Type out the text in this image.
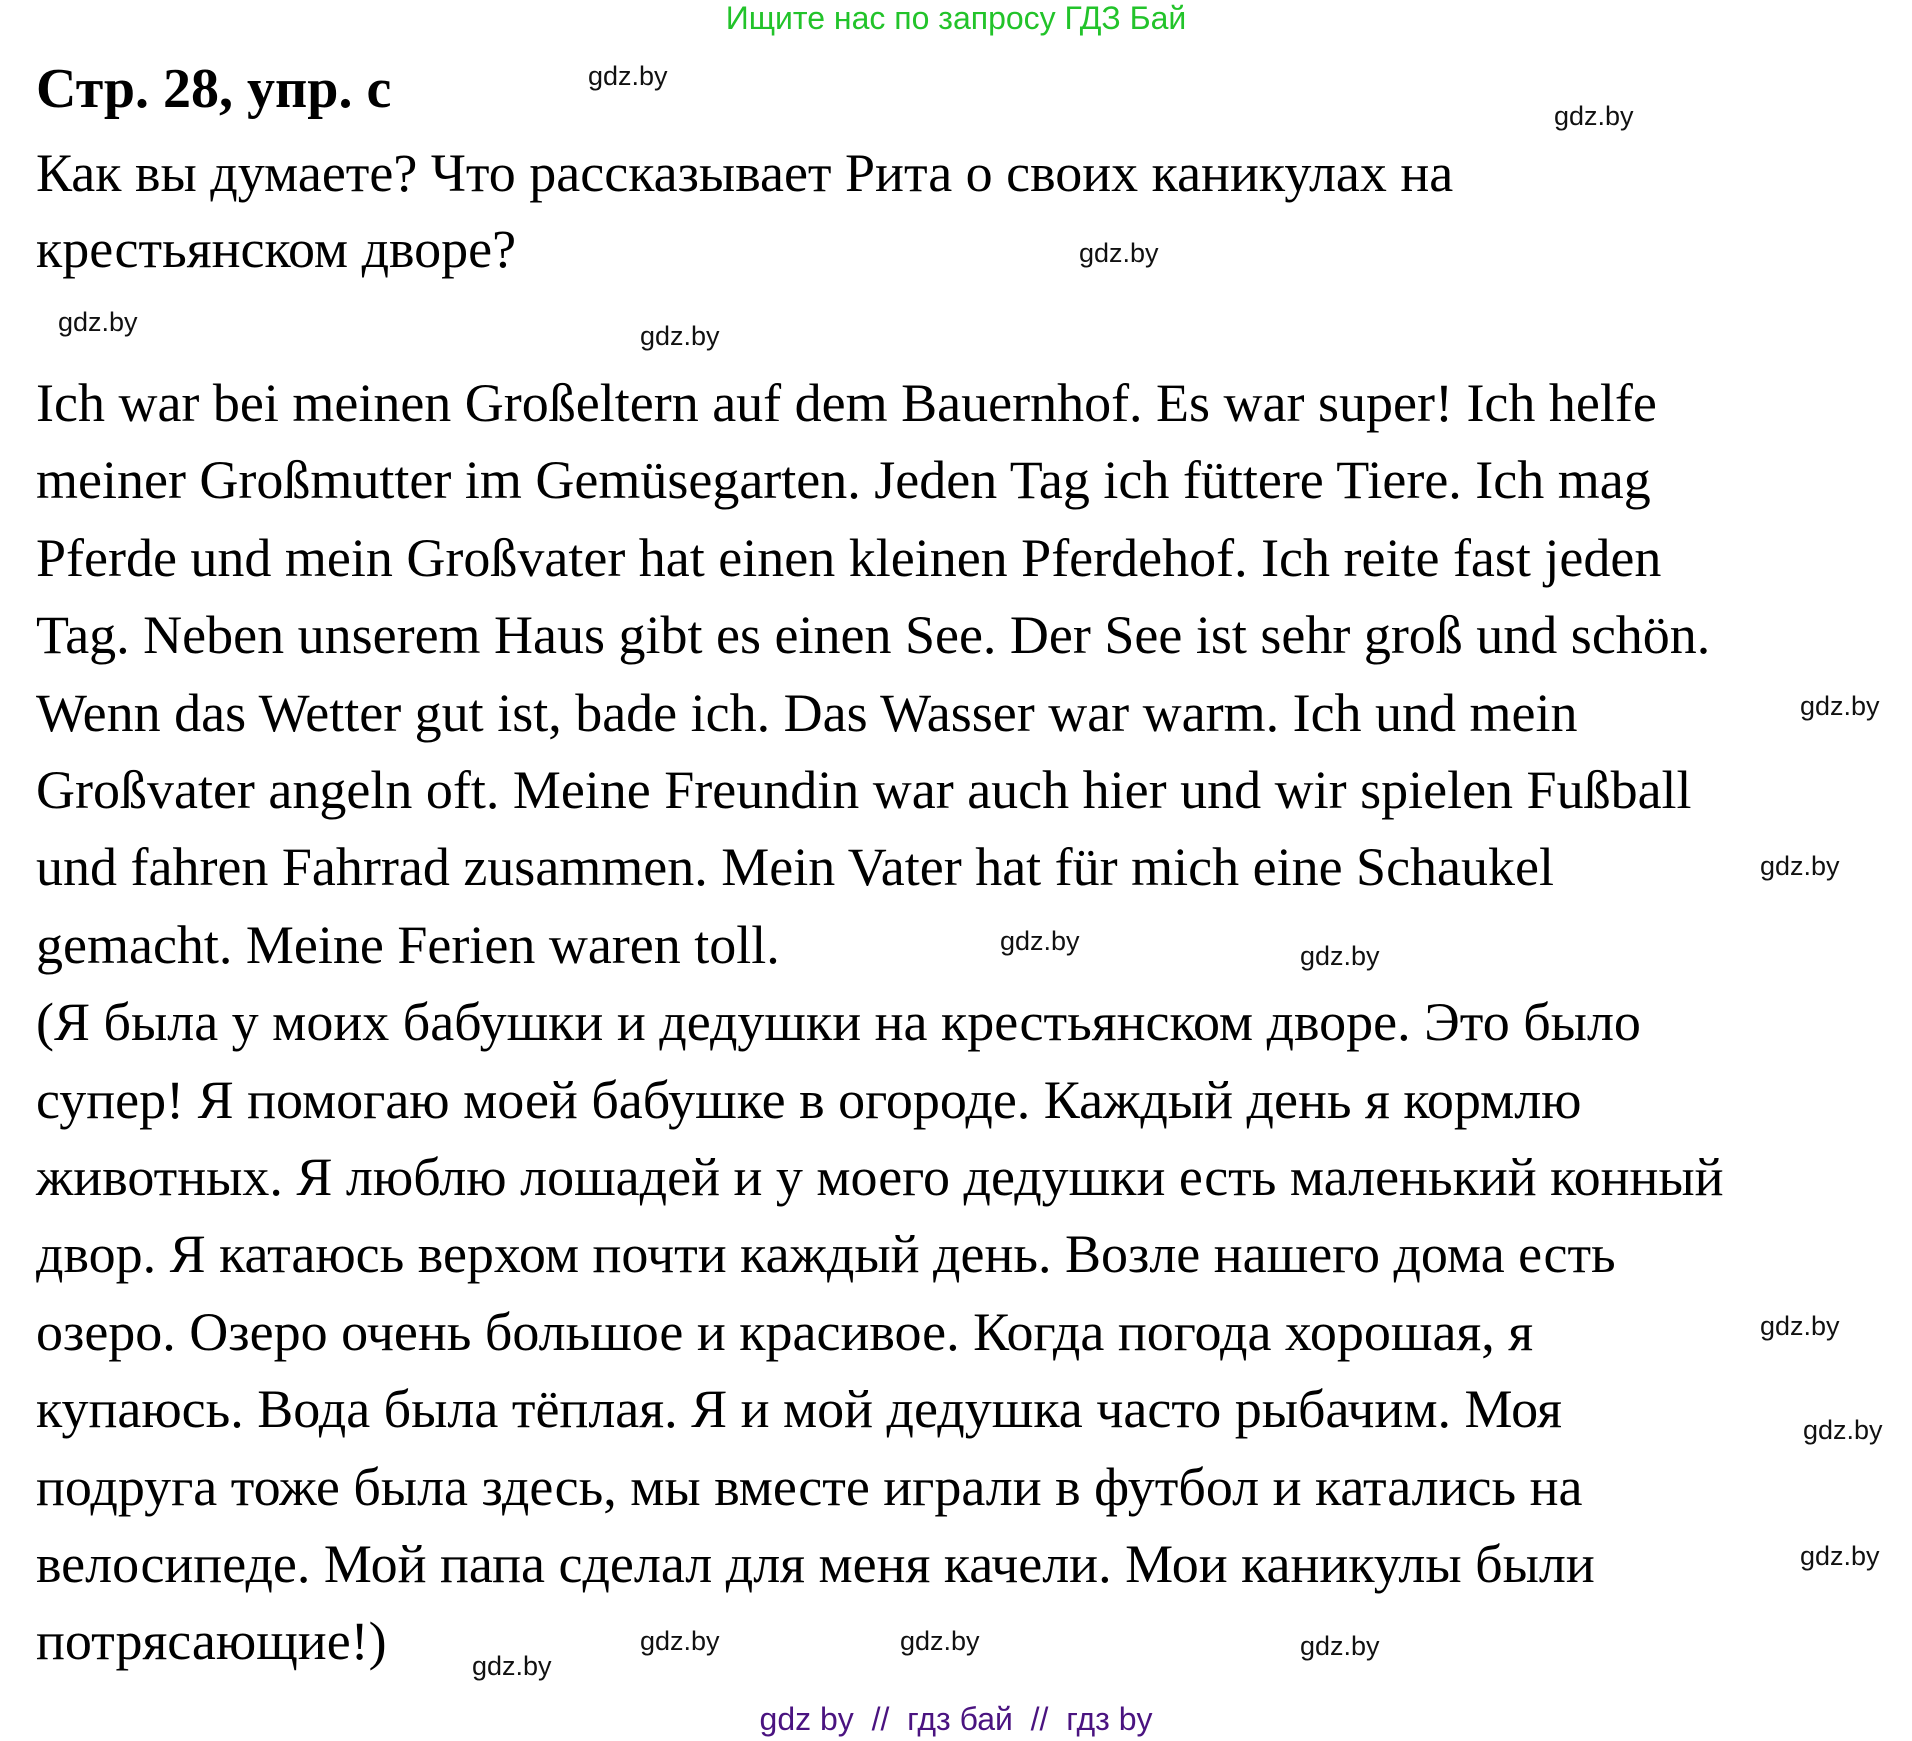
Ищите нас по запросу ГДЗ Бай
Стр. 28, упр. с
Как вы думаете? Что рассказывает Рита о своих каникулах на
крестьянском дворе?
Ich war bei meinen Großeltern auf dem Bauernhof. Es war super! Ich helfe
meiner Großmutter im Gemüsegarten. Jeden Tag ich füttere Tiere. Ich mag
Pferde und mein Großvater hat einen kleinen Pferdehof. Ich reite fast jeden
Tag. Neben unserem Haus gibt es einen See. Der See ist sehr groß und schön.
Wenn das Wetter gut ist, bade ich. Das Wasser war warm. Ich und mein
Großvater angeln oft. Meine Freundin war auch hier und wir spielen Fußball
und fahren Fahrrad zusammen. Mein Vater hat für mich eine Schaukel
gemacht. Meine Ferien waren toll.
(Я была у моих бабушки и дедушки на крестьянском дворе. Это было
супер! Я помогаю моей бабушке в огороде. Каждый день я кормлю
животных. Я люблю лошадей и у моего дедушки есть маленький конный
двор. Я катаюсь верхом почти каждый день. Возле нашего дома есть
озеро. Озеро очень большое и красивое. Когда погода хорошая, я
купаюсь. Вода была тёплая. Я и мой дедушка часто рыбачим. Моя
подруга тоже была здесь, мы вместе играли в футбол и катались на
велосипеде. Мой папа сделал для меня качели. Мои каникулы были
потрясающие!)
gdz.by
gdz.by
gdz.by
gdz.by	gdz.by
gdz.by
gdz.by
gdz.by
gdz.by
gdz.by	gdz.by
gdz.by
gdz.by
gdz.by
gdz.by
gdz.by
gdz by  //  гдз бай  //  гдз by
